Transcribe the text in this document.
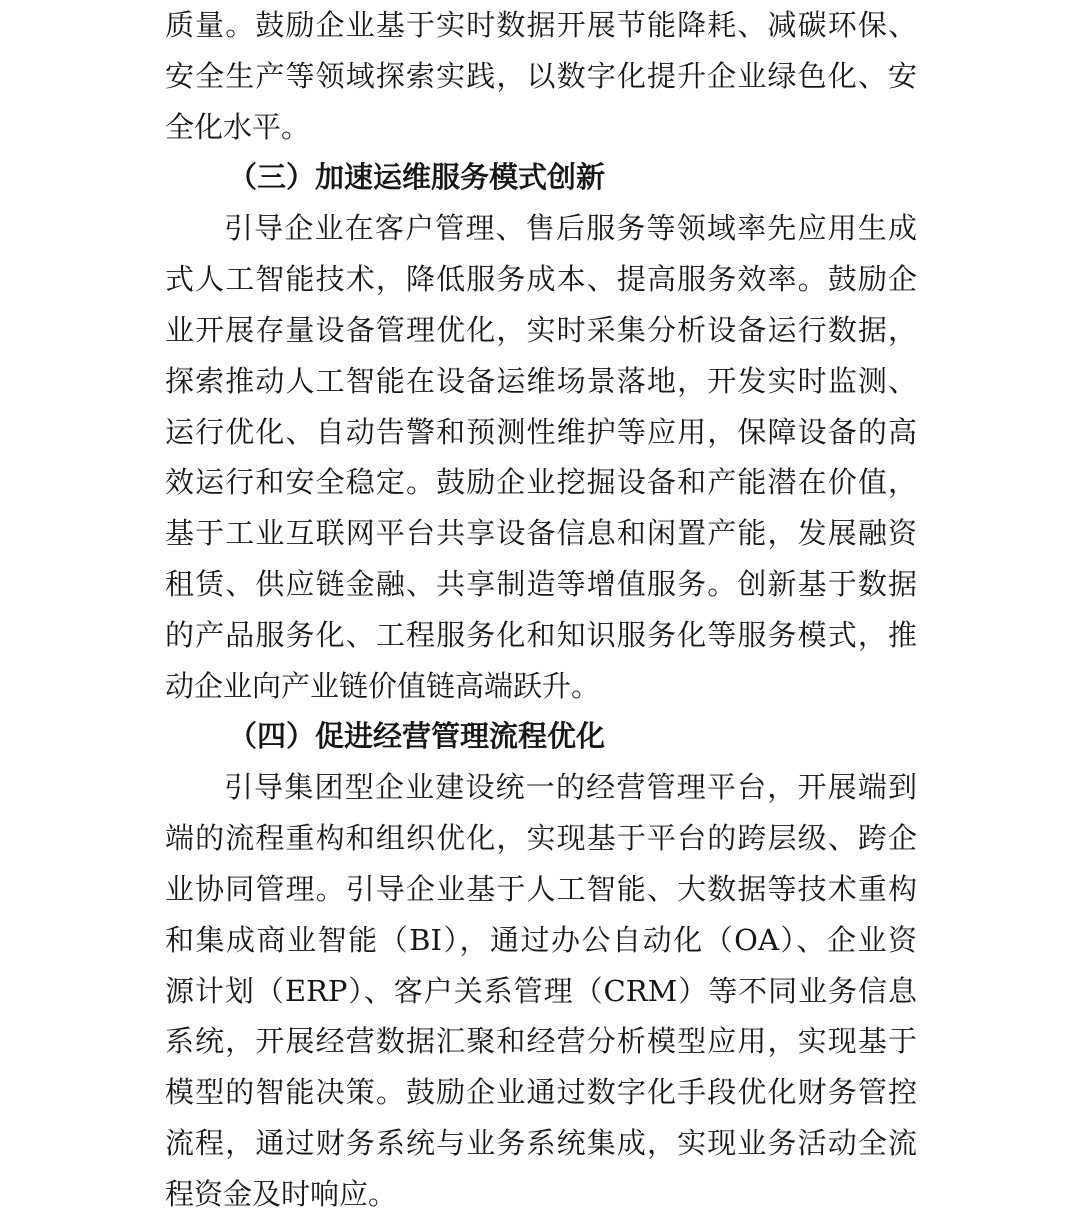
质量。鼓励企业基于实时数据开展节能降耗、减碳环保、
安全生产等领域探索实践，以数字化提升企业绿色化、安
全化水平。
（三）加速运维服务模式创新
引导企业在客户管理、售后服务等领域率先应用生成
式人工智能技术，降低服务成本、提高服务效率。鼓励企
业开展存量设备管理优化，实时采集分析设备运行数据，
探索推动人工智能在设备运维场景落地，开发实时监测、
运行优化、自动告警和预测性维护等应用，保障设备的高
效运行和安全稳定。鼓励企业挖掘设备和产能潜在价值，
基于工业互联网平台共享设备信息和闲置产能，发展融资
租赁、供应链金融、共享制造等增值服务。创新基于数据
的产品服务化、工程服务化和知识服务化等服务模式，推
动企业向产业链价值链高端跃升。
（四）促进经营管理流程优化
引导集团型企业建设统一的经营管理平台，开展端到
端的流程重构和组织优化，实现基于平台的跨层级、跨企
业协同管理。引导企业基于人工智能、大数据等技术重构
和集成商业智能（BI），通过办公自动化（OA）、企业资
源计划（ERP）、客户关系管理（CRM）等不同业务信息
系统，开展经营数据汇聚和经营分析模型应用，实现基于
模型的智能决策。鼓励企业通过数字化手段优化财务管控
流程，通过财务系统与业务系统集成，实现业务活动全流
程资金及时响应。
